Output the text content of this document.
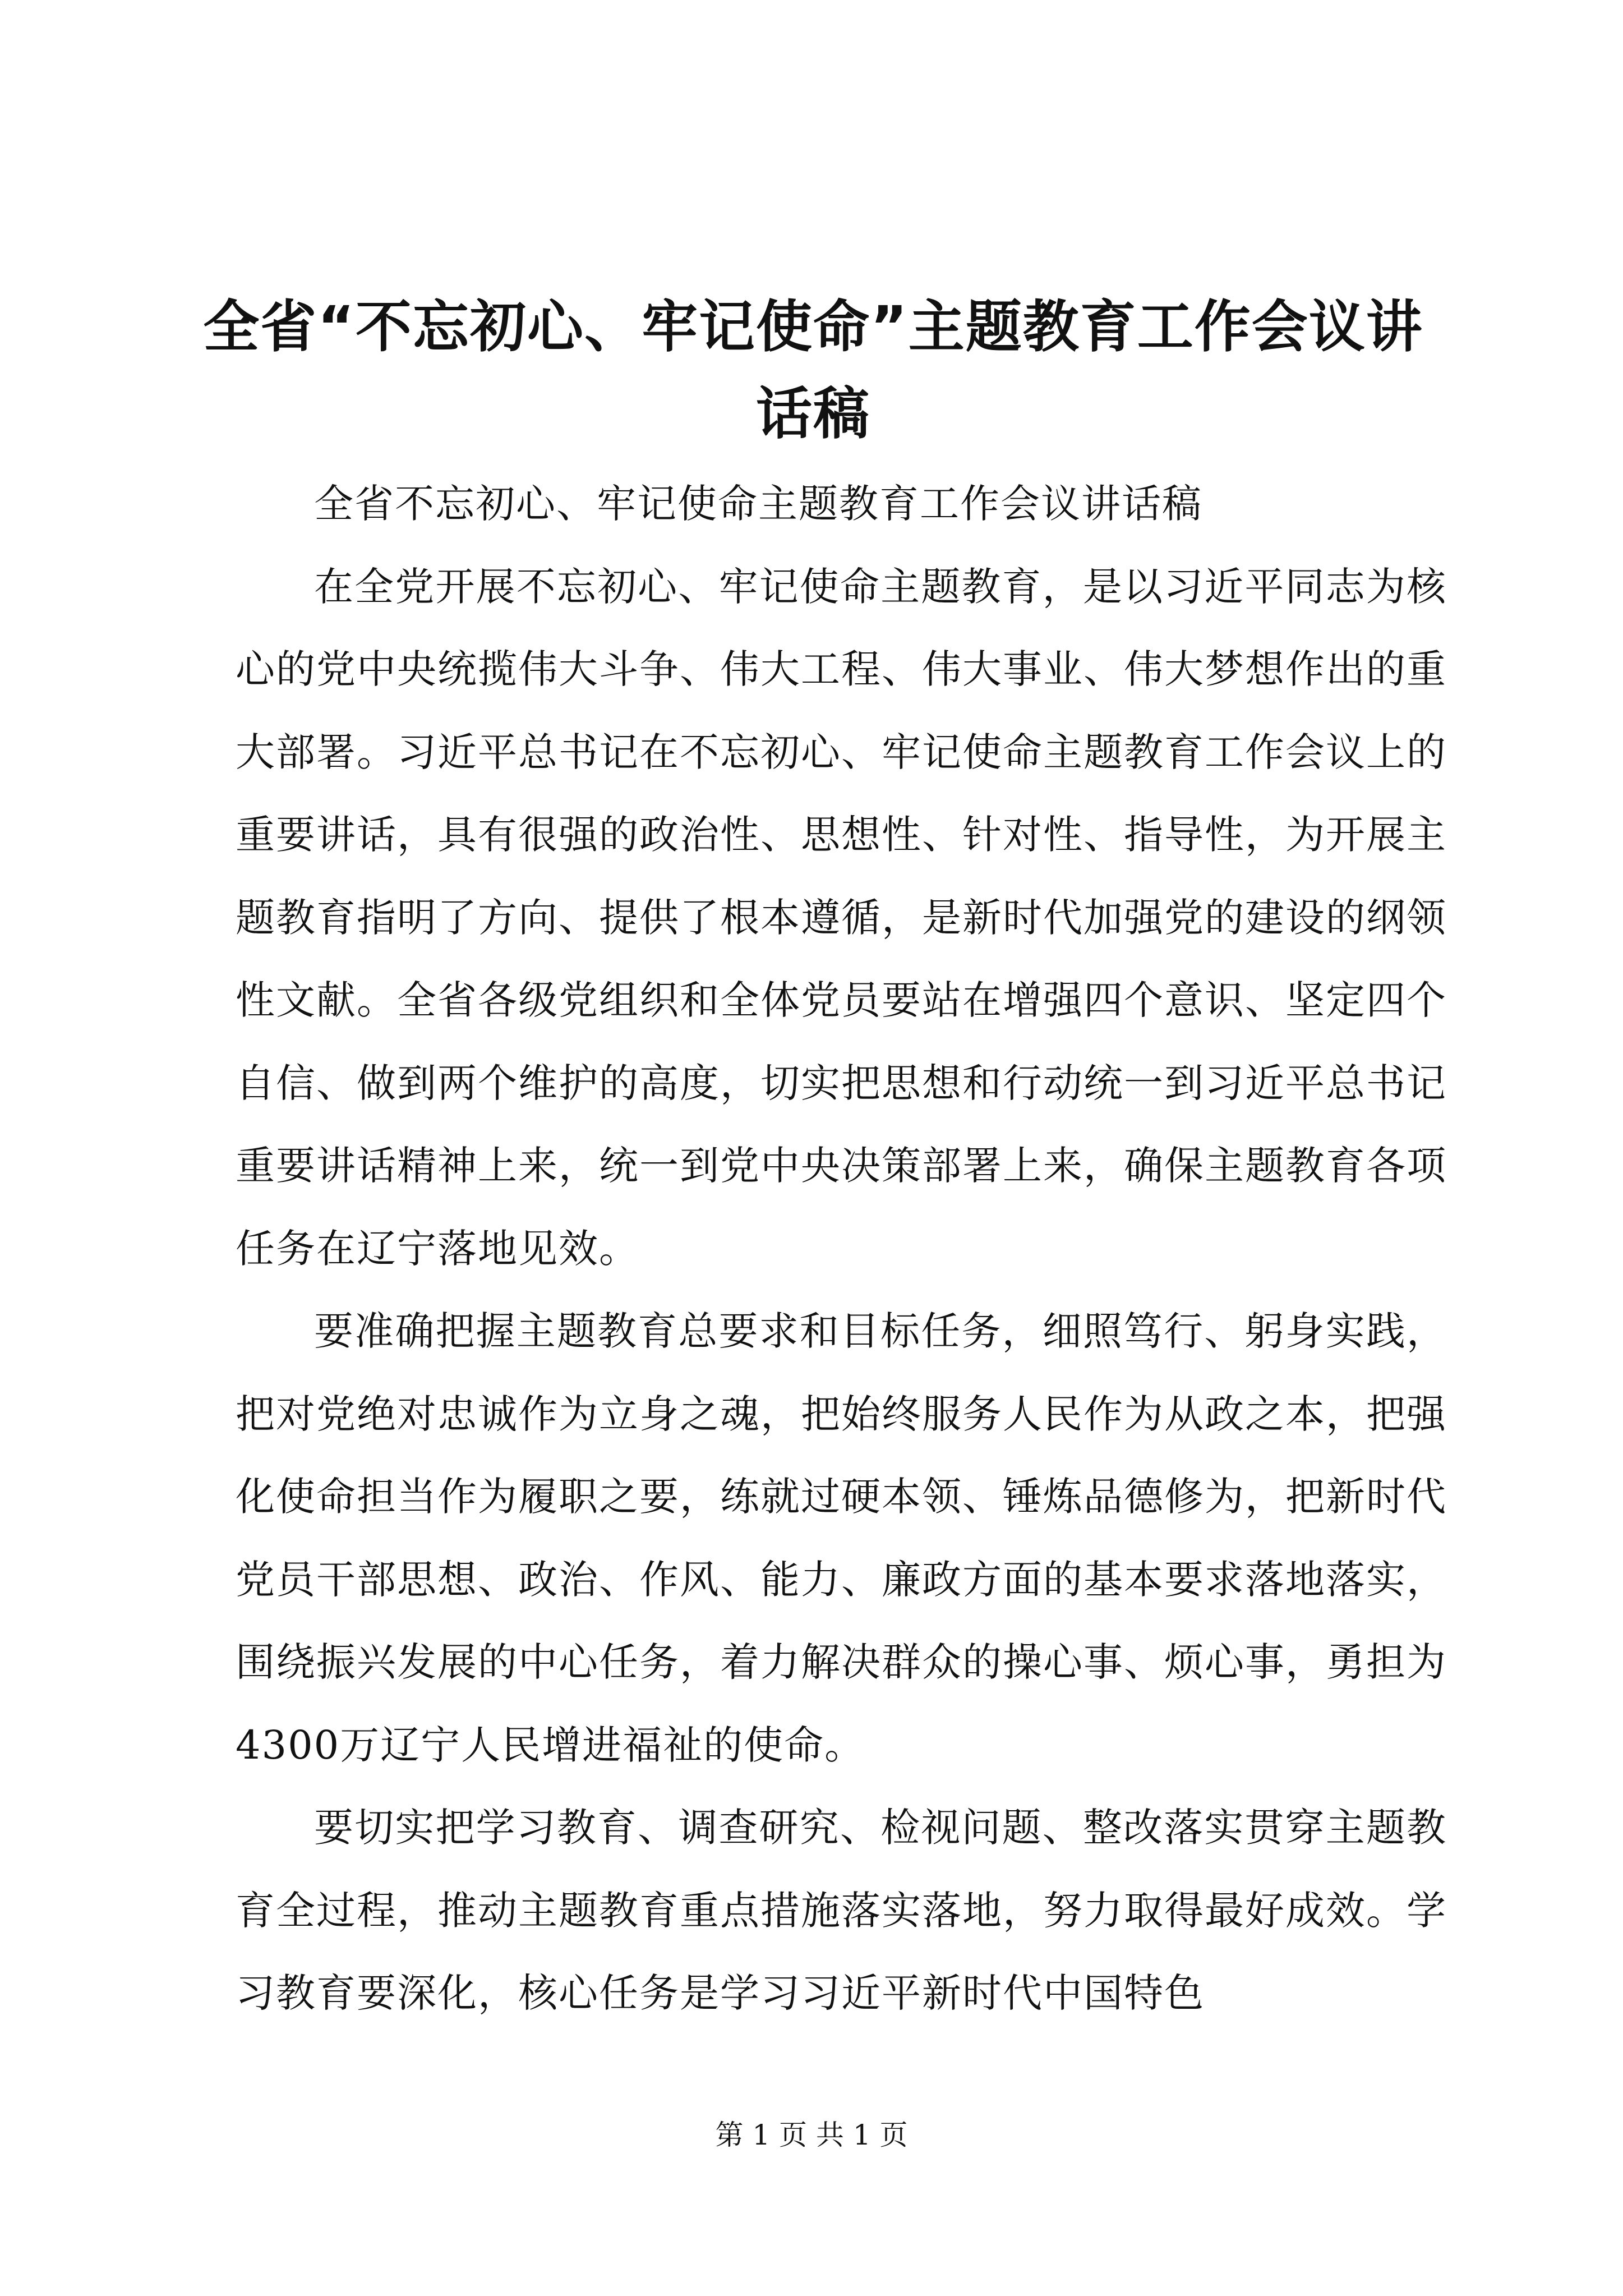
全省“不忘初心、牢记使命”主题教育工作会议讲话稿

全省不忘初心、牢记使命主题教育工作会议讲话稿

在全党开展不忘初心、牢记使命主题教育，是以习近平同志为核心的党中央统揽伟大斗争、伟大工程、伟大事业、伟大梦想作出的重大部署。习近平总书记在不忘初心、牢记使命主题教育工作会议上的重要讲话，具有很强的政治性、思想性、针对性、指导性，为开展主题教育指明了方向、提供了根本遵循，是新时代加强党的建设的纲领性文献。全省各级党组织和全体党员要站在增强四个意识、坚定四个自信、做到两个维护的高度，切实把思想和行动统一到习近平总书记重要讲话精神上来，统一到党中央决策部署上来，确保主题教育各项任务在辽宁落地见效。

要准确把握主题教育总要求和目标任务，细照笃行、躬身实践，把对党绝对忠诚作为立身之魂，把始终服务人民作为从政之本，把强化使命担当作为履职之要，练就过硬本领、锤炼品德修为，把新时代党员干部思想、政治、作风、能力、廉政方面的基本要求落地落实，围绕振兴发展的中心任务，着力解决群众的操心事、烦心事，勇担为4300万辽宁人民增进福祉的使命。

要切实把学习教育、调查研究、检视问题、整改落实贯穿主题教育全过程，推动主题教育重点措施落实落地，努力取得最好成效。学习教育要深化，核心任务是学习习近平新时代中国特色

第 1 页 共 1 页
